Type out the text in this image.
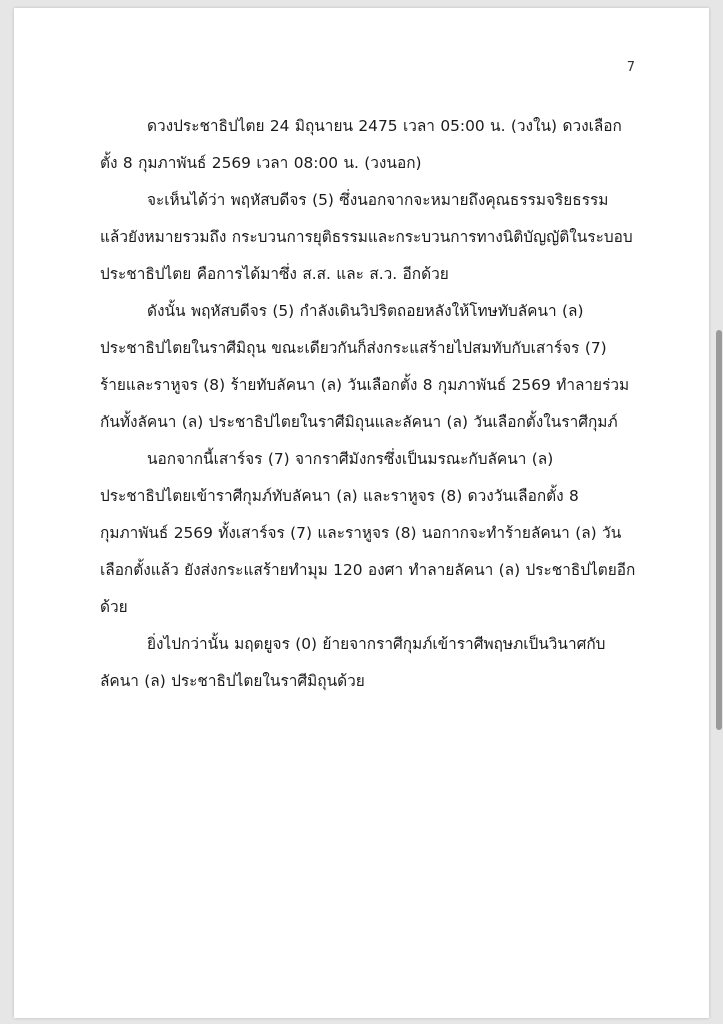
7

ดวงประชาธิปไตย 24 มิถุนายน 2475 เวลา 05:00 น. (วงใน) ดวงเลือกตั้ง 8 กุมภาพันธ์ 2569 เวลา 08:00 น. (วงนอก)

จะเห็นได้ว่า พฤหัสบดีจร (5) ซึ่งนอกจากจะหมายถึงคุณธรรมจริยธรรมแล้วยังหมายรวมถึง กระบวนการยุติธรรมและกระบวนการทางนิติบัญญัติในระบอบประชาธิปไตย คือการได้มาซึ่ง ส.ส. และ ส.ว. อีกด้วย

ดังนั้น พฤหัสบดีจร (5) กำลังเดินวิปริตถอยหลังให้โทษทับลัคนา (ล) ประชาธิปไตยในราศีมิถุน ขณะเดียวกันก็ส่งกระแสร้ายไปสมทับกับเสาร์จร (7) ร้ายและราหูจร (8) ร้ายทับลัคนา (ล) วันเลือกตั้ง 8 กุมภาพันธ์ 2569 ทำลายร่วมกันทั้งลัคนา (ล) ประชาธิปไตยในราศีมิถุนและลัคนา (ล) วันเลือกตั้งในราศีกุมภ์

นอกจากนี้เสาร์จร (7) จากราศีมังกรซึ่งเป็นมรณะกับลัคนา (ล) ประชาธิปไตยเข้าราศีกุมภ์ทับลัคนา (ล) และราหูจร (8) ดวงวันเลือกตั้ง 8 กุมภาพันธ์ 2569 ทั้งเสาร์จร (7) และราหูจร (8) นอกากจะทำร้ายลัคนา (ล) วันเลือกตั้งแล้ว ยังส่งกระแสร้ายทำมุม 120 องศา ทำลายลัคนา (ล) ประชาธิปไตยอีกด้วย

ยิ่งไปกว่านั้น มฤตยูจร (0) ย้ายจากราศีกุมภ์เข้าราศีพฤษภเป็นวินาศกับลัคนา (ล) ประชาธิปไตยในราศีมิถุนด้วย
